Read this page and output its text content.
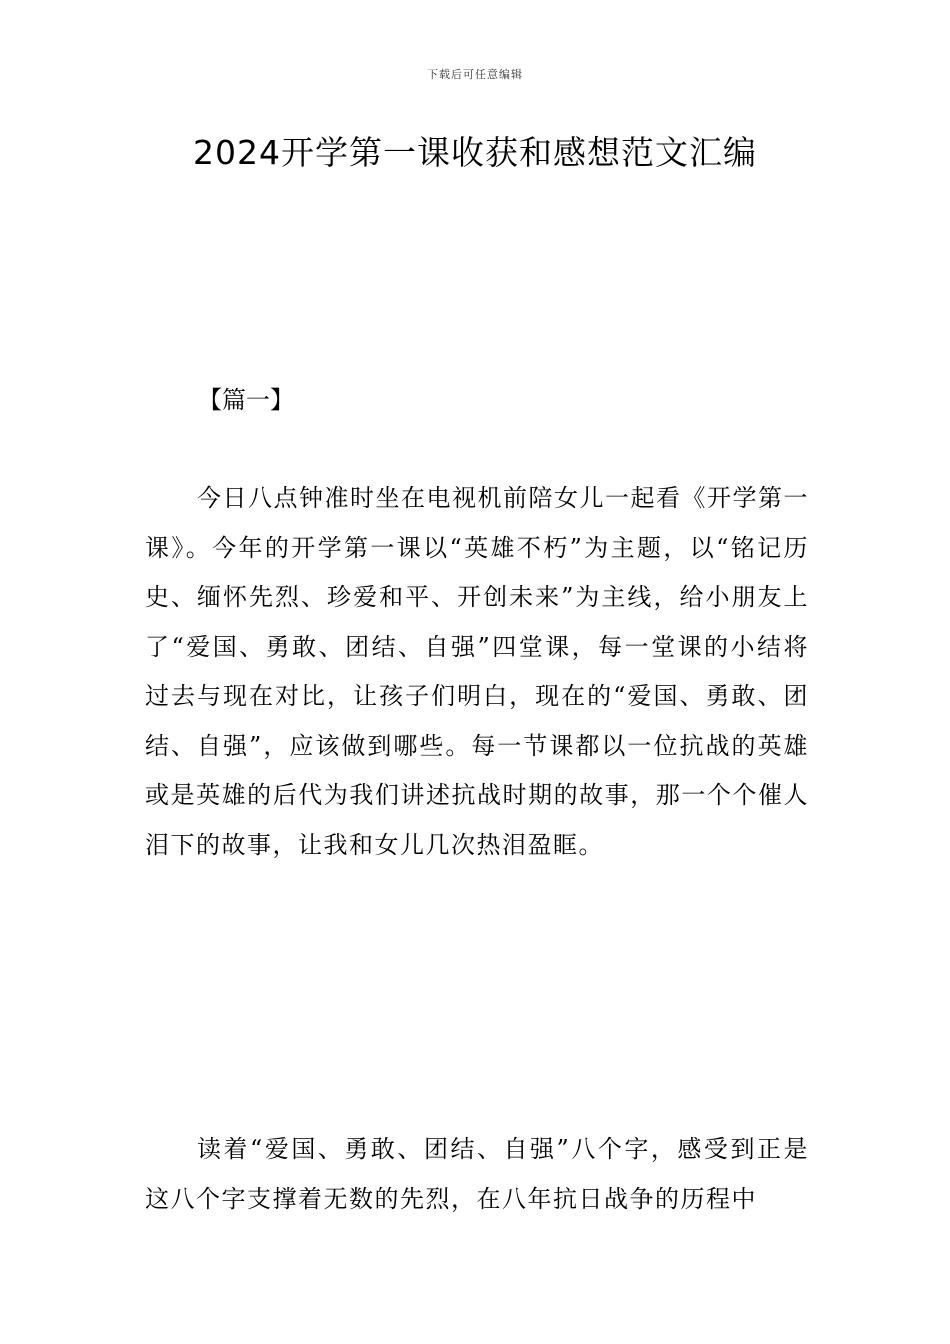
下载后可任意编辑
2024开学第一课收获和感想范文汇编
【篇一】

今日八点钟准时坐在电视机前陪女儿一起看《开学第一课》。今年的开学第一课以“英雄不朽”为主题，以“铭记历史、缅怀先烈、珍爱和平、开创未来”为主线，给小朋友上了“爱国、勇敢、团结、自强”四堂课，每一堂课的小结将过去与现在对比，让孩子们明白，现在的“爱国、勇敢、团结、自强”，应该做到哪些。每一节课都以一位抗战的英雄或是英雄的后代为我们讲述抗战时期的故事，那一个个催人泪下的故事，让我和女儿几次热泪盈眶。

读着“爱国、勇敢、团结、自强”八个字，感受到正是这八个字支撑着无数的先烈，在八年抗日战争的历程中
